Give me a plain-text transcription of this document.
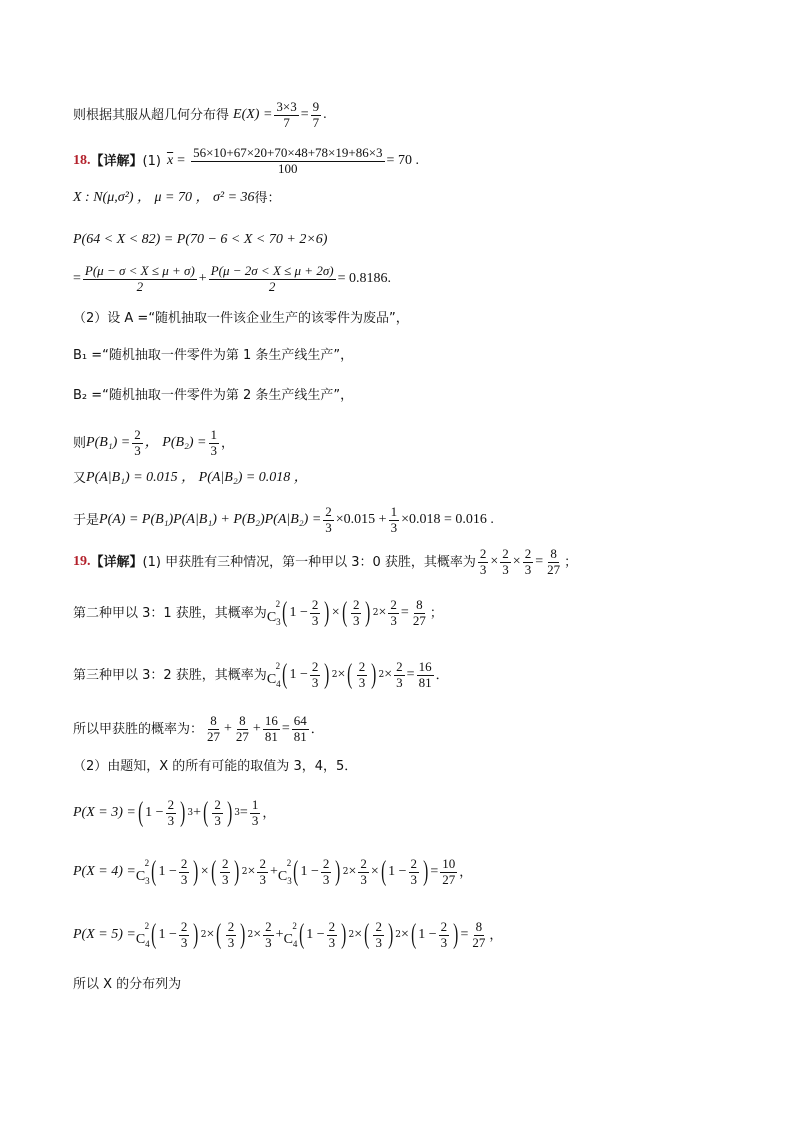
则根据其服从超几何分布得 $E(X) = \frac{3\times 3}{7} = \frac{9}{7}$ .
18. 【详解】 (1) $\overline{x} = \frac{56\times 10+67\times 20+70\times 48+78\times 19+86\times 3}{100} = 70$ .
X : N(μ,σ²) ， μ = 70 ， σ² = 36 得：
P(64 < X < 82) = P(70 − 6 < X < 70 + 2×6)
= $\frac{P(\mu - \sigma < X \le \mu + \sigma)}{2} + \frac{P(\mu - 2\sigma < X \le \mu + 2\sigma)}{2} = 0.8186$.
（2）设 A =“随机抽取一件该企业生产的该零件为废品”，
B₁ =“随机抽取一件零件为第 1 条生产线生产”，
B₂ =“随机抽取一件零件为第 2 条生产线生产”，
则 $P(B_1) = \frac{2}{3}$ ， $P(B_2) = \frac{1}{3}$ ，
又 P(A|B₁) = 0.015 ， P(A|B₂) = 0.018 ，
于是 $P(A) = P(B_1)P(A|B_1) + P(B_2)P(A|B_2) = \frac{2}{3} \times 0.015 + \frac{1}{3} \times 0.018 = 0.016$ .
19. 【详解】 (1) 甲获胜有三种情况，第一种甲以 3：0 获胜，其概率为 $\frac{2}{3} \times \frac{2}{3} \times \frac{2}{3} = \frac{8}{27}$ ；
第二种甲以 3：1 获胜，其概率为 $C_3^2$ ( $1 - \frac{2}{3}$ ) × ( $\frac{2}{3}$ ) $2 \times \frac{2}{3} = \frac{8}{27}$ ；
第三种甲以 3：2 获胜，其概率为 $C_4^2$ ( $1 - \frac{2}{3}$ ) 2 × ( $\frac{2}{3}$ ) $2 \times \frac{2}{3} = \frac{16}{81}$ ．
所以甲获胜的概率为： $\frac{8}{27} + \frac{8}{27} + \frac{16}{81} = \frac{64}{81}$ ．
（2）由题知，X 的所有可能的取值为 3，4，5．
P(X = 3) = ( $1 - \frac{2}{3}$ ) 3 + ( $\frac{2}{3}$ ) $3 = \frac{1}{3}$ ，
$P(X = 4) = C_3^2$ ( $1 - \frac{2}{3}$ ) × ( $\frac{2}{3}$ ) $2 \times \frac{2}{3} + C_3^2$ ( $1 - \frac{2}{3}$ ) $2 \times \frac{2}{3}$ × ( $1 - \frac{2}{3}$ ) = $\frac{10}{27}$ ，
$P(X = 5) = C_4^2$ ( $1 - \frac{2}{3}$ ) 2 × ( $\frac{2}{3}$ ) $2 \times \frac{2}{3} + C_4^2$ ( $1 - \frac{2}{3}$ ) 2 × ( $\frac{2}{3}$ ) 2 × ( $1 - \frac{2}{3}$ ) = $\frac{8}{27}$ ，
所以 X 的分布列为
